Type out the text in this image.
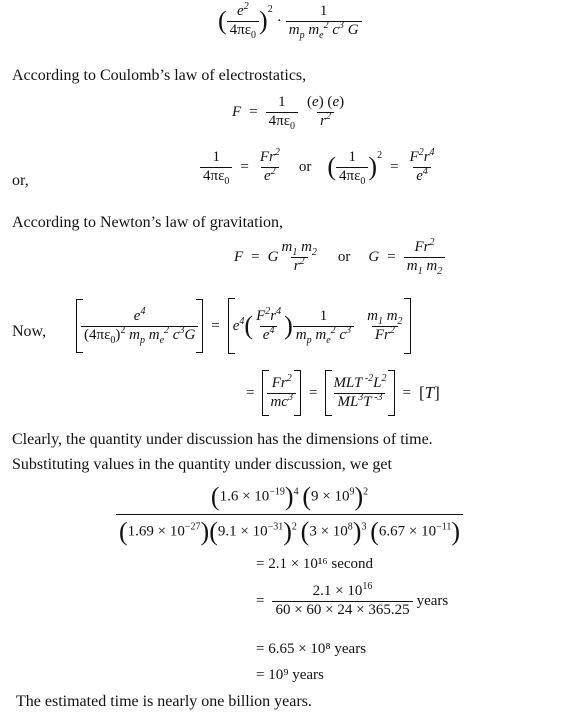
( $\frac{e^2}{4\pi\varepsilon_0}$ ) 2
· $\frac{1}{m_p m_e^2 c^3 G}$
According to Coulomb’s law of electrostatics,
$F = \frac{1}{4\pi\varepsilon_0} \frac{(e) (e)}{r^2}$
or,	$\frac{1}{4\pi\varepsilon_0} = \frac{Fr^2}{e^2}$	or ( $\frac{1}{4\pi\varepsilon_0}$ ) 2
= $\frac{F^2r^4}{e^4}$
According to Newton’s law of gravitation,
F = G $\frac{m_1 m_2}{r^2}$	or	$G = \frac{Fr^2}{m_1 m_2}$
Now, $\frac{e^4}{(4\pi\varepsilon_0)^2 m_p m_e^2 c^3G} = e^4$ ( $\frac{F^2r^4}{e^4}$ ) $\frac{1}{m_p m_e^2 c^3} \frac{m_1 m_2}{Fr^2}$
= $\frac{Fr^2}{mc^3} = \frac{MLT ^{-2}L^2}{ML^3T ^{-3}} = [T]$
Clearly, the quantity under discussion has the dimensions of time.
Substituting values in the quantity under discussion, we get
$(1.6 \times 10^{-19})^4$ $(9 \times 10^9)^2$
$(1.69 \times 10^{-27})(9.1 \times 10^{-31})^2$ $(3 \times 10^8)^3$ $(6.67 \times 10^{-11})$
= 2.1 × 10¹⁶ second
= $\frac{2.1 \times 10^{16}}{60 \times 60 \times 24 \times 365.25}$ years
= 6.65 × 10⁸ years
= 10⁹ years
The estimated time is nearly one billion years.
